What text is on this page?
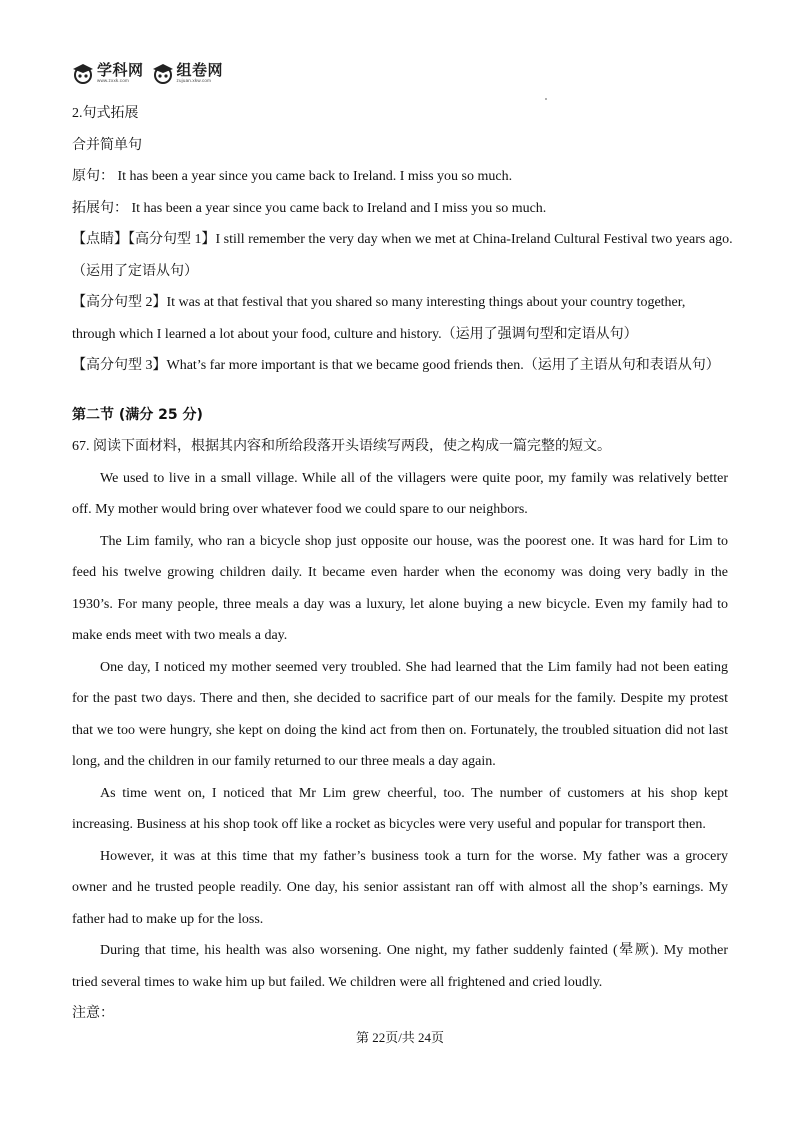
学科网
www.zxxk.com
组卷网
zujuan.xkw.com
2.句式拓展
合并简单句
原句： It has been a year since you came back to Ireland. I miss you so much.
拓展句： It has been a year since you came back to Ireland and I miss you so much.
【点睛】【高分句型 1】I still remember the very day when we met at China-Ireland Cultural Festival two years ago.
（运用了定语从句）
【高分句型 2】It was at that festival that you shared so many interesting things about your country together,
through which I learned a lot about your food, culture and history.（运用了强调句型和定语从句）
【高分句型 3】What’s far more important is that we became good friends then.（运用了主语从句和表语从句）
第二节 (满分 25 分)
67. 阅读下面材料，根据其内容和所给段落开头语续写两段，使之构成一篇完整的短文。
We used to live in a small village. While all of the villagers were quite poor, my family was relatively better
off. My mother would bring over whatever food we could spare to our neighbors.
The Lim family, who ran a bicycle shop just opposite our house, was the poorest one. It was hard for Lim to
feed his twelve growing children daily. It became even harder when the economy was doing very badly in the
1930’s. For many people, three meals a day was a luxury, let alone buying a new bicycle. Even my family had to
make ends meet with two meals a day.
One day, I noticed my mother seemed very troubled. She had learned that the Lim family had not been eating
for the past two days. There and then, she decided to sacrifice part of our meals for the family. Despite my protest
that we too were hungry, she kept on doing the kind act from then on. Fortunately, the troubled situation did not last
long, and the children in our family returned to our three meals a day again.
As time went on, I noticed that Mr Lim grew cheerful, too. The number of customers at his shop kept
increasing. Business at his shop took off like a rocket as bicycles were very useful and popular for transport then.
However, it was at this time that my father’s business took a turn for the worse. My father was a grocery
owner and he trusted people readily. One day, his senior assistant ran off with almost all the shop’s earnings. My
father had to make up for the loss.
During that time, his health was also worsening. One night, my father suddenly fainted (晕厥). My mother
tried several times to wake him up but failed. We children were all frightened and cried loudly.
注意：
第 22页/共 24页
